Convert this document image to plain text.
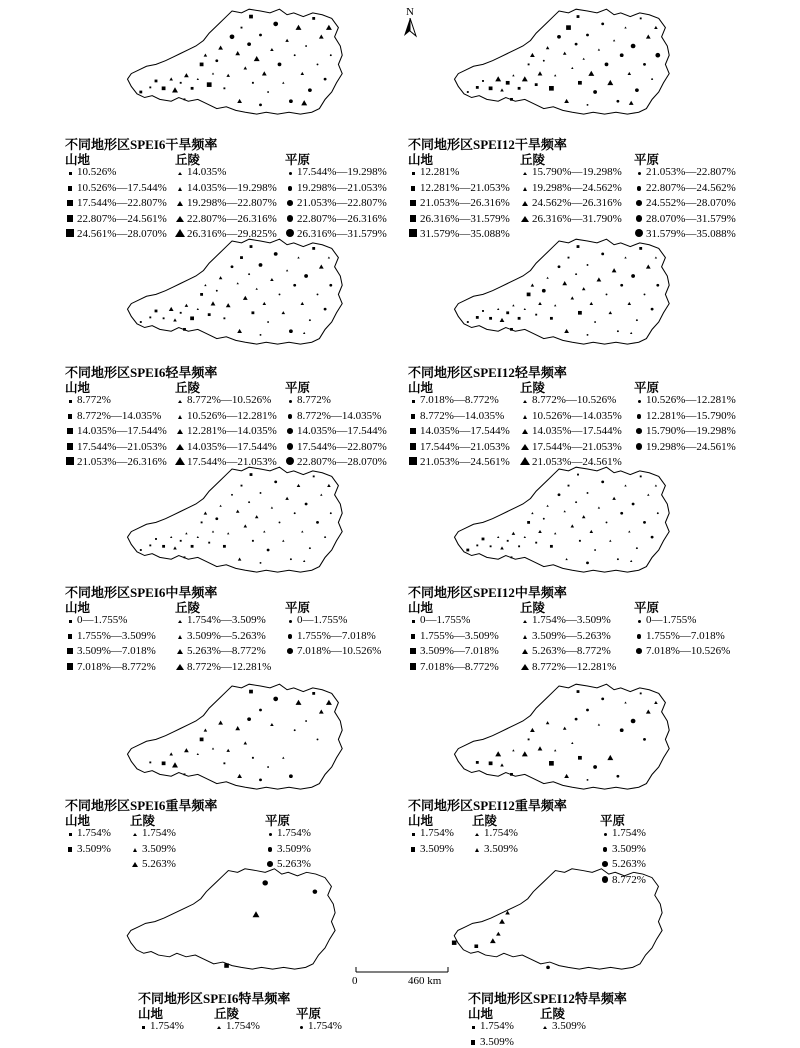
N
0	460 km
不同地形区SPEI6干旱频率
山地
10.526%
10.526%—17.544%
17.544%—22.807%
22.807%—24.561%
24.561%—28.070%
丘陵
14.035%
14.035%—19.298%
19.298%—22.807%
22.807%—26.316%
26.316%—29.825%
平原
17.544%—19.298%
19.298%—21.053%
21.053%—22.807%
22.807%—26.316%
26.316%—31.579%
不同地形区SPEI12干旱频率
山地
12.281%
12.281%—21.053%
21.053%—26.316%
26.316%—31.579%
31.579%—35.088%
丘陵
15.790%—19.298%
19.298%—24.562%
24.562%—26.316%
26.316%—31.790%
平原
21.053%—22.807%
22.807%—24.562%
24.552%—28.070%
28.070%—31.579%
31.579%—35.088%
不同地形区SPEI6轻旱频率
山地
8.772%
8.772%—14.035%
14.035%—17.544%
17.544%—21.053%
21.053%—26.316%
丘陵
8.772%—10.526%
10.526%—12.281%
12.281%—14.035%
14.035%—17.544%
17.544%—21.053%
平原
8.772%
8.772%—14.035%
14.035%—17.544%
17.544%—22.807%
22.807%—28.070%
不同地形区SPEI12轻旱频率
山地
7.018%—8.772%
8.772%—14.035%
14.035%—17.544%
17.544%—21.053%
21.053%—24.561%
丘陵
8.772%—10.526%
10.526%—14.035%
14.035%—17.544%
17.544%—21.053%
21.053%—24.561%
平原
10.526%—12.281%
12.281%—15.790%
15.790%—19.298%
19.298%—24.561%
不同地形区SPEI6中旱频率
山地
0—1.755%
1.755%—3.509%
3.509%—7.018%
7.018%—8.772%
丘陵
1.754%—3.509%
3.509%—5.263%
5.263%—8.772%
8.772%—12.281%
平原
0—1.755%
1.755%—7.018%
7.018%—10.526%
不同地形区SPEI12中旱频率
山地
0—1.755%
1.755%—3.509%
3.509%—7.018%
7.018%—8.772%
丘陵
1.754%—3.509%
3.509%—5.263%
5.263%—8.772%
8.772%—12.281%
平原
0—1.755%
1.755%—7.018%
7.018%—10.526%
不同地形区SPEI6重旱频率
山地
1.754%
3.509%
丘陵
1.754%
3.509%
5.263%
平原
1.754%
3.509%
5.263%
不同地形区SPEI12重旱频率
山地
1.754%
3.509%
丘陵
1.754%
3.509%
平原
1.754%
3.509%
5.263%
8.772%
不同地形区SPEI6特旱频率
山地
1.754%
丘陵
1.754%
平原
1.754%
不同地形区SPEI12特旱频率
山地
1.754%
3.509%
丘陵
3.509%
